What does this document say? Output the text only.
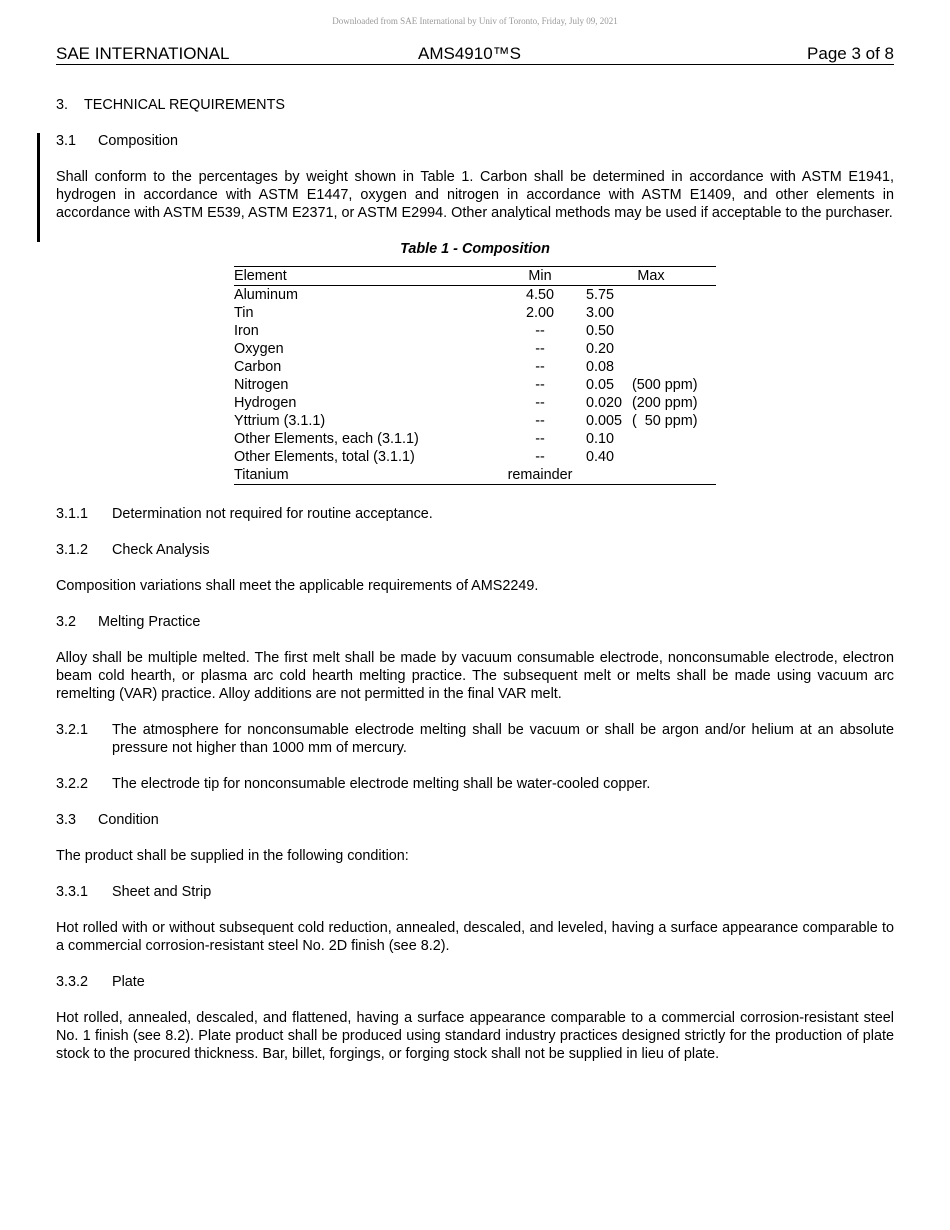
Downloaded from SAE International by Univ of Toronto, Friday, July 09, 2021
SAE INTERNATIONAL	AMS4910™S	Page 3 of 8
3. TECHNICAL REQUIREMENTS
3.1 Composition

Shall conform to the percentages by weight shown in Table 1. Carbon shall be determined in accordance with ASTM E1941, hydrogen in accordance with ASTM E1447, oxygen and nitrogen in accordance with ASTM E1409, and other elements in accordance with ASTM E539, ASTM E2371, or ASTM E2994. Other analytical methods may be used if acceptable to the purchaser.

Table 1 - Composition
Element	Min	Max	
Aluminum	4.50	5.75	
Tin	2.00	3.00	
Iron	--	0.50	
Oxygen	--	0.20	
Carbon	--	0.08	
Nitrogen	--	0.05	(500 ppm)
Hydrogen	--	0.020	(200 ppm)
Yttrium (3.1.1)	--	0.005	(  50 ppm)
Other Elements, each (3.1.1)	--	0.10	
Other Elements, total (3.1.1)	--	0.40	
Titanium	remainder		
3.1.1	Determination not required for routine acceptance.
3.1.2 Check Analysis

Composition variations shall meet the applicable requirements of AMS2249.

3.2 Melting Practice

Alloy shall be multiple melted. The first melt shall be made by vacuum consumable electrode, nonconsumable electrode, electron beam cold hearth, or plasma arc cold hearth melting practice. The subsequent melt or melts shall be made using vacuum arc remelting (VAR) practice. Alloy additions are not permitted in the final VAR melt.

3.2.1	The atmosphere for nonconsumable electrode melting shall be vacuum or shall be argon and/or helium at an absolute pressure not higher than 1000 mm of mercury.
3.2.2	The electrode tip for nonconsumable electrode melting shall be water-cooled copper.
3.3 Condition

The product shall be supplied in the following condition:

3.3.1 Sheet and Strip

Hot rolled with or without subsequent cold reduction, annealed, descaled, and leveled, having a surface appearance comparable to a commercial corrosion-resistant steel No. 2D finish (see 8.2).

3.3.2 Plate

Hot rolled, annealed, descaled, and flattened, having a surface appearance comparable to a commercial corrosion-resistant steel No. 1 finish (see 8.2). Plate product shall be produced using standard industry practices designed strictly for the production of plate stock to the procured thickness. Bar, billet, forgings, or forging stock shall not be supplied in lieu of plate.
